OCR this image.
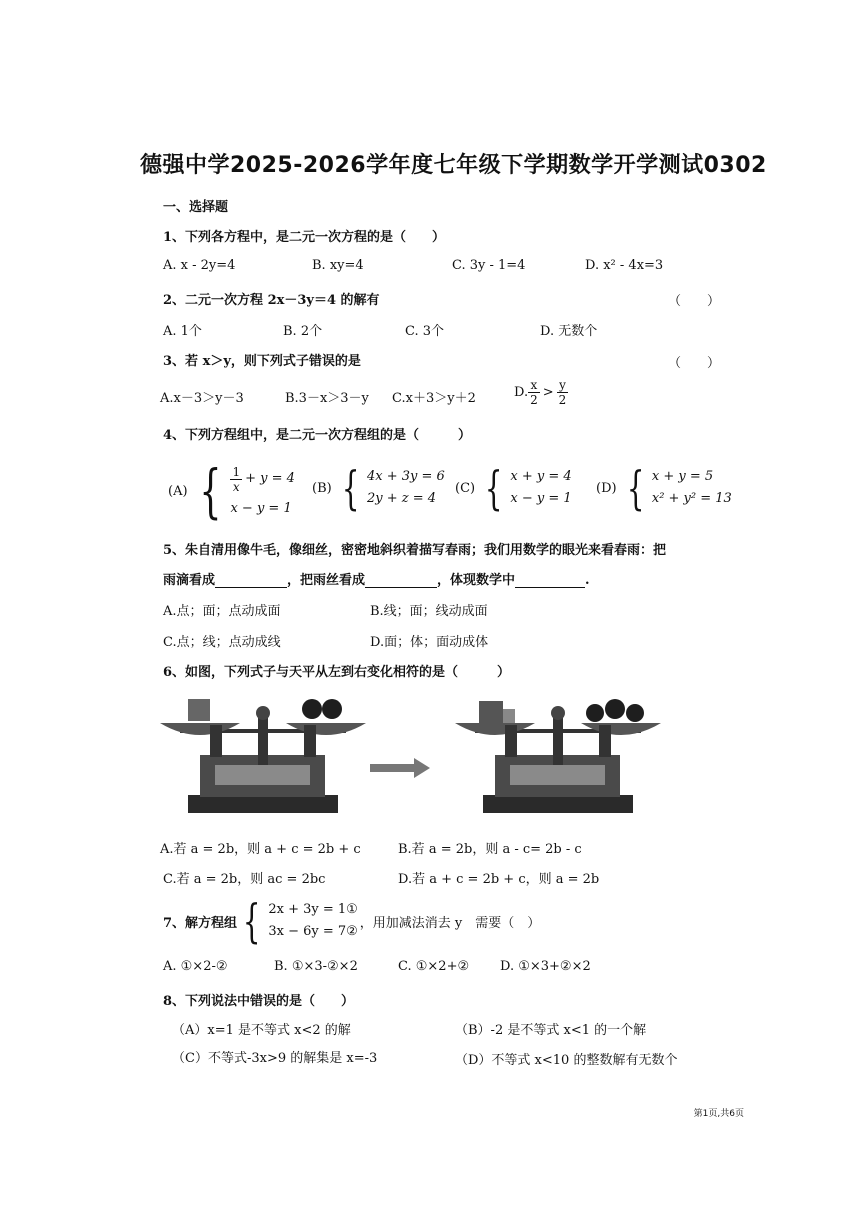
德强中学2025-2026学年度七年级下学期数学开学测试0302
一、选择题
1、下列各方程中，是二元一次方程的是（　　）
A. x - 2y=4	B. xy=4	C. 3y - 1=4	D. x² - 4x=3
2、二元一次方程 2x－3y＝4 的解有	（　　）
A. 1个	B. 2个	C. 3个	D. 无数个
3、若 x＞y，则下列式子错误的是	（　　）
A.x－3＞y－3	B.3－x＞3－y C.x＋3＞y＋2	D. $\frac{x}{2} > \frac{y}{2}$
4、下列方程组中，是二元一次方程组的是（　　　）
(A) { $\frac{1}{x} + y = 4$
x − y = 1
(B) { 4x + 3y = 6
2y + z = 4
(C) { x + y = 4
x − y = 1
(D) { x + y = 5
x² + y² = 13
5、朱自清用像牛毛，像细丝，密密地斜织着描写春雨；我们用数学的眼光来看春雨：把
雨滴看成	，把雨丝看成	，体现数学中	.
A.点；面；点动成面	B.线；面；线动成面
C.点；线；点动成线	D.面；体；面动成体
6、如图，下列式子与天平从左到右变化相符的是（　　　）
A.若 a = 2b，则 a + c = 2b + c	B.若 a = 2b，则 a - c= 2b - c
C.若 a = 2b，则 ac = 2bc	D.若 a + c = 2b + c，则 a = 2b
7、解方程组 { 2x + 3y = 1①
3x − 6y = 7②
，用加减法消去 y　需要（　）
A. ①×2-②	B. ①×3-②×2	C. ①×2+② D. ①×3+②×2
8、下列说法中错误的是（　　）
（A）x=1 是不等式 x<2 的解	（B）-2 是不等式 x<1 的一个解
（C）不等式-3x>9 的解集是 x=-3	（D）不等式 x<10 的整数解有无数个
第1页,共6页
